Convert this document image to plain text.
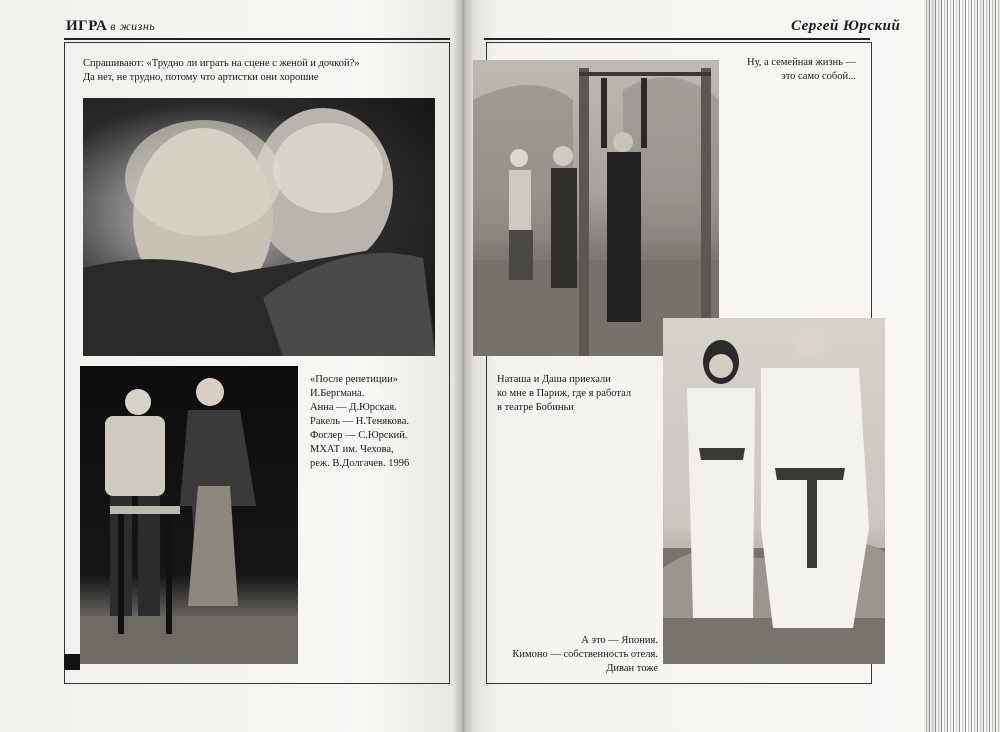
ИГРА в жизнь	Сергей Юрский
Спрашивают: «Трудно ли играть на сцене с женой и дочкой?»
Да нет, не трудно, потому что артистки они хорошие
«После репетиции»
И.Бергмана.
Анна — Д.Юрская.
Ракель — Н.Тенякова.
Фоглер — С.Юрский.
МХАТ им. Чехова,
реж. В.Долгачев. 1996
Ну, а семейная жизнь —
это само собой...
Наташа и Даша приехали
ко мне в Париж, где я работал
в театре Бобиньи
А это — Япония.
Кимоно — собственность отеля.
Диван тоже
